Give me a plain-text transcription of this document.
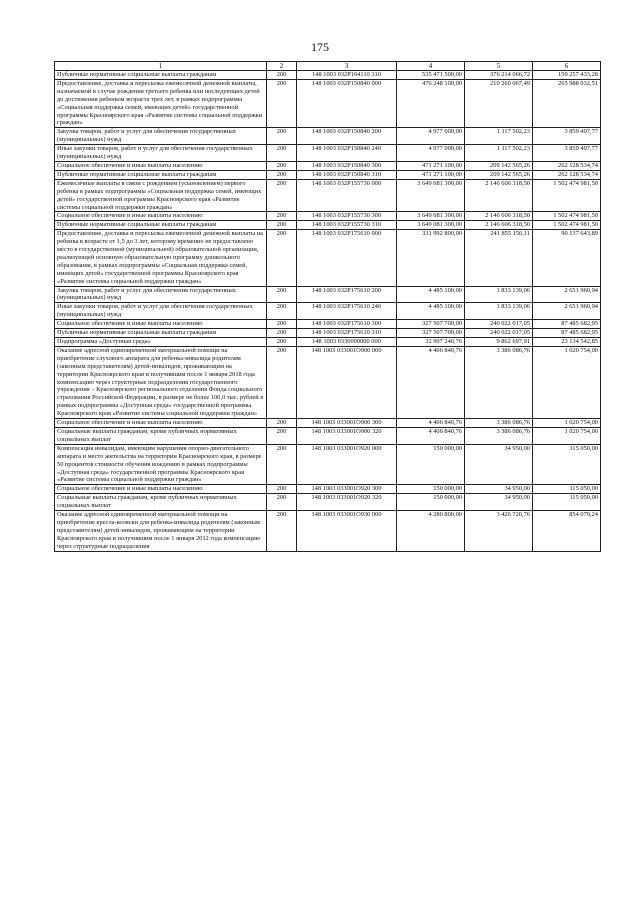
175
1	2	3	4	5	6
Публичные нормативные социальные выплаты гражданам	200	148 1003 032Р104110 310	535 471 500,00	376 214 066,72	159 257 433,28
Предоставление, доставка и пересылка ежемесячной денежной выплаты, назначаемой в случае рождения третьего ребенка или последующих детей до достижения ребенком возраста трех лет, в рамках подпрограммы «Социальная поддержка семей, имеющих детей» государственной программы Красноярского края «Развитие системы социальной поддержки граждан»	200	148 1003 032Р150840 000	476 248 100,00	210 260 067,49	265 988 032,51
Закупка товаров, работ и услуг для обеспечения государственных (муниципальных) нужд	200	148 1003 032Р150840 200	4 977 000,00	1 117 502,23	3 859 497,77
Иные закупки товаров, работ и услуг для обеспечения государственных (муниципальных) нужд	200	148 1003 032Р150840 240	4 977 000,00	1 117 502,23	3 859 497,77
Социальное обеспечение и иные выплаты населению	200	148 1003 032Р150840 300	471 271 100,00	209 142 565,26	262 128 534,74
Публичные нормативные социальные выплаты гражданам	200	148 1003 032Р150840 310	471 271 100,00	209 142 565,26	262 128 534,74
Ежемесячные выплаты в связи с рождением (усыновлением) первого ребенка в рамках подпрограммы «Социальная поддержка семей, имеющих детей» государственной программы Красноярского края «Развитие системы социальной поддержки граждан»	200	148 1003 032Р155730 000	3 649 081 300,00	2 146 606 318,50	1 502 474 981,50
Социальное обеспечение и иные выплаты населению	200	148 1003 032Р155730 300	3 649 081 300,00	2 146 606 318,50	1 502 474 981,50
Публичные нормативные социальные выплаты гражданам	200	148 1003 032Р155730 310	3 649 081 300,00	2 146 606 318,50	1 502 474 981,50
Предоставление, доставка и пересылка ежемесячной денежной выплаты на ребенка в возрасте от 1,5 до 3 лет, которому временно не предоставлено место в государственной (муниципальной) образовательной организации, реализующей основную образовательную программу дошкольного образования, в рамках подпрограммы «Социальная поддержка семей, имеющих детей» государственной программы Красноярского края «Развитие системы социальной поддержки граждан»	200	148 1003 032Р175610 000	331 992 800,00	241 855 156,11	90 137 643,89
Закупка товаров, работ и услуг для обеспечения государственных (муниципальных) нужд	200	148 1003 032Р175610 200	4 485 100,00	1 833 139,06	2 651 960,94
Иные закупки товаров, работ и услуг для обеспечения государственных (муниципальных) нужд	200	148 1003 032Р175610 240	4 485 100,00	1 833 139,06	2 651 960,94
Социальное обеспечение и иные выплаты населению	200	148 1003 032Р175610 300	327 507 700,00	240 022 017,05	87 485 682,95
Публичные нормативные социальные выплаты гражданам	200	148 1003 032Р175610 310	327 507 700,00	240 022 017,05	87 485 682,95
Подпрограмма «Доступная среда»	200	148 1003 0330000000 000	32 997 240,76	9 862 697,91	23 134 542,85
Оказание адресной единовременной материальной помощи на приобретение слухового аппарата для ребенка-инвалида родителям (законным представителям) детей-инвалидов, проживающим на территории Красноярского края и получившим после 1 января 2018 года компенсацию через структурные подразделения государственного учреждения – Красноярского регионального отделения Фонда социального страхования Российской Федерации, в размере не более 100,0 тыс. рублей в рамках подпрограммы «Доступная среда» государственной программы Красноярского края «Развитие системы социальной поддержки граждан»	200	148 1003 033001О900 000	4 406 840,76	3 386 086,76	1 020 754,00
Социальное обеспечение и иные выплаты населению	200	148 1003 033001О900 300	4 406 840,76	3 386 086,76	1 020 754,00
Социальные выплаты гражданам, кроме публичных нормативных социальных выплат	200	148 1003 033001О900 320	4 406 840,76	3 386 086,76	1 020 754,00
Компенсация инвалидам, имеющим нарушения опорно-двигательного аппарата и место жительства на территории Красноярского края, в размере 50 процентов стоимости обучения вождению в рамках подпрограммы «Доступная среда» государственной программы Красноярского края «Развитие системы социальной поддержки граждан»	200	148 1003 033001О920 000	150 000,00	34 950,00	115 050,00
Социальное обеспечение и иные выплаты населению	200	148 1003 033001О920 300	150 000,00	34 950,00	115 050,00
Социальные выплаты гражданам, кроме публичных нормативных социальных выплат	200	148 1003 033001О920 320	150 000,00	34 950,00	115 050,00
Оказание адресной единовременной материальной помощи на приобретение кресла-коляски для ребенка-инвалида родителям (законным представителям) детей-инвалидов, проживающим на территории Красноярского края и получившим после 1 января 2012 года компенсацию через структурные подразделения	200	148 1003 033001О930 000	4 280 800,00	3 426 720,76	854 079,24
